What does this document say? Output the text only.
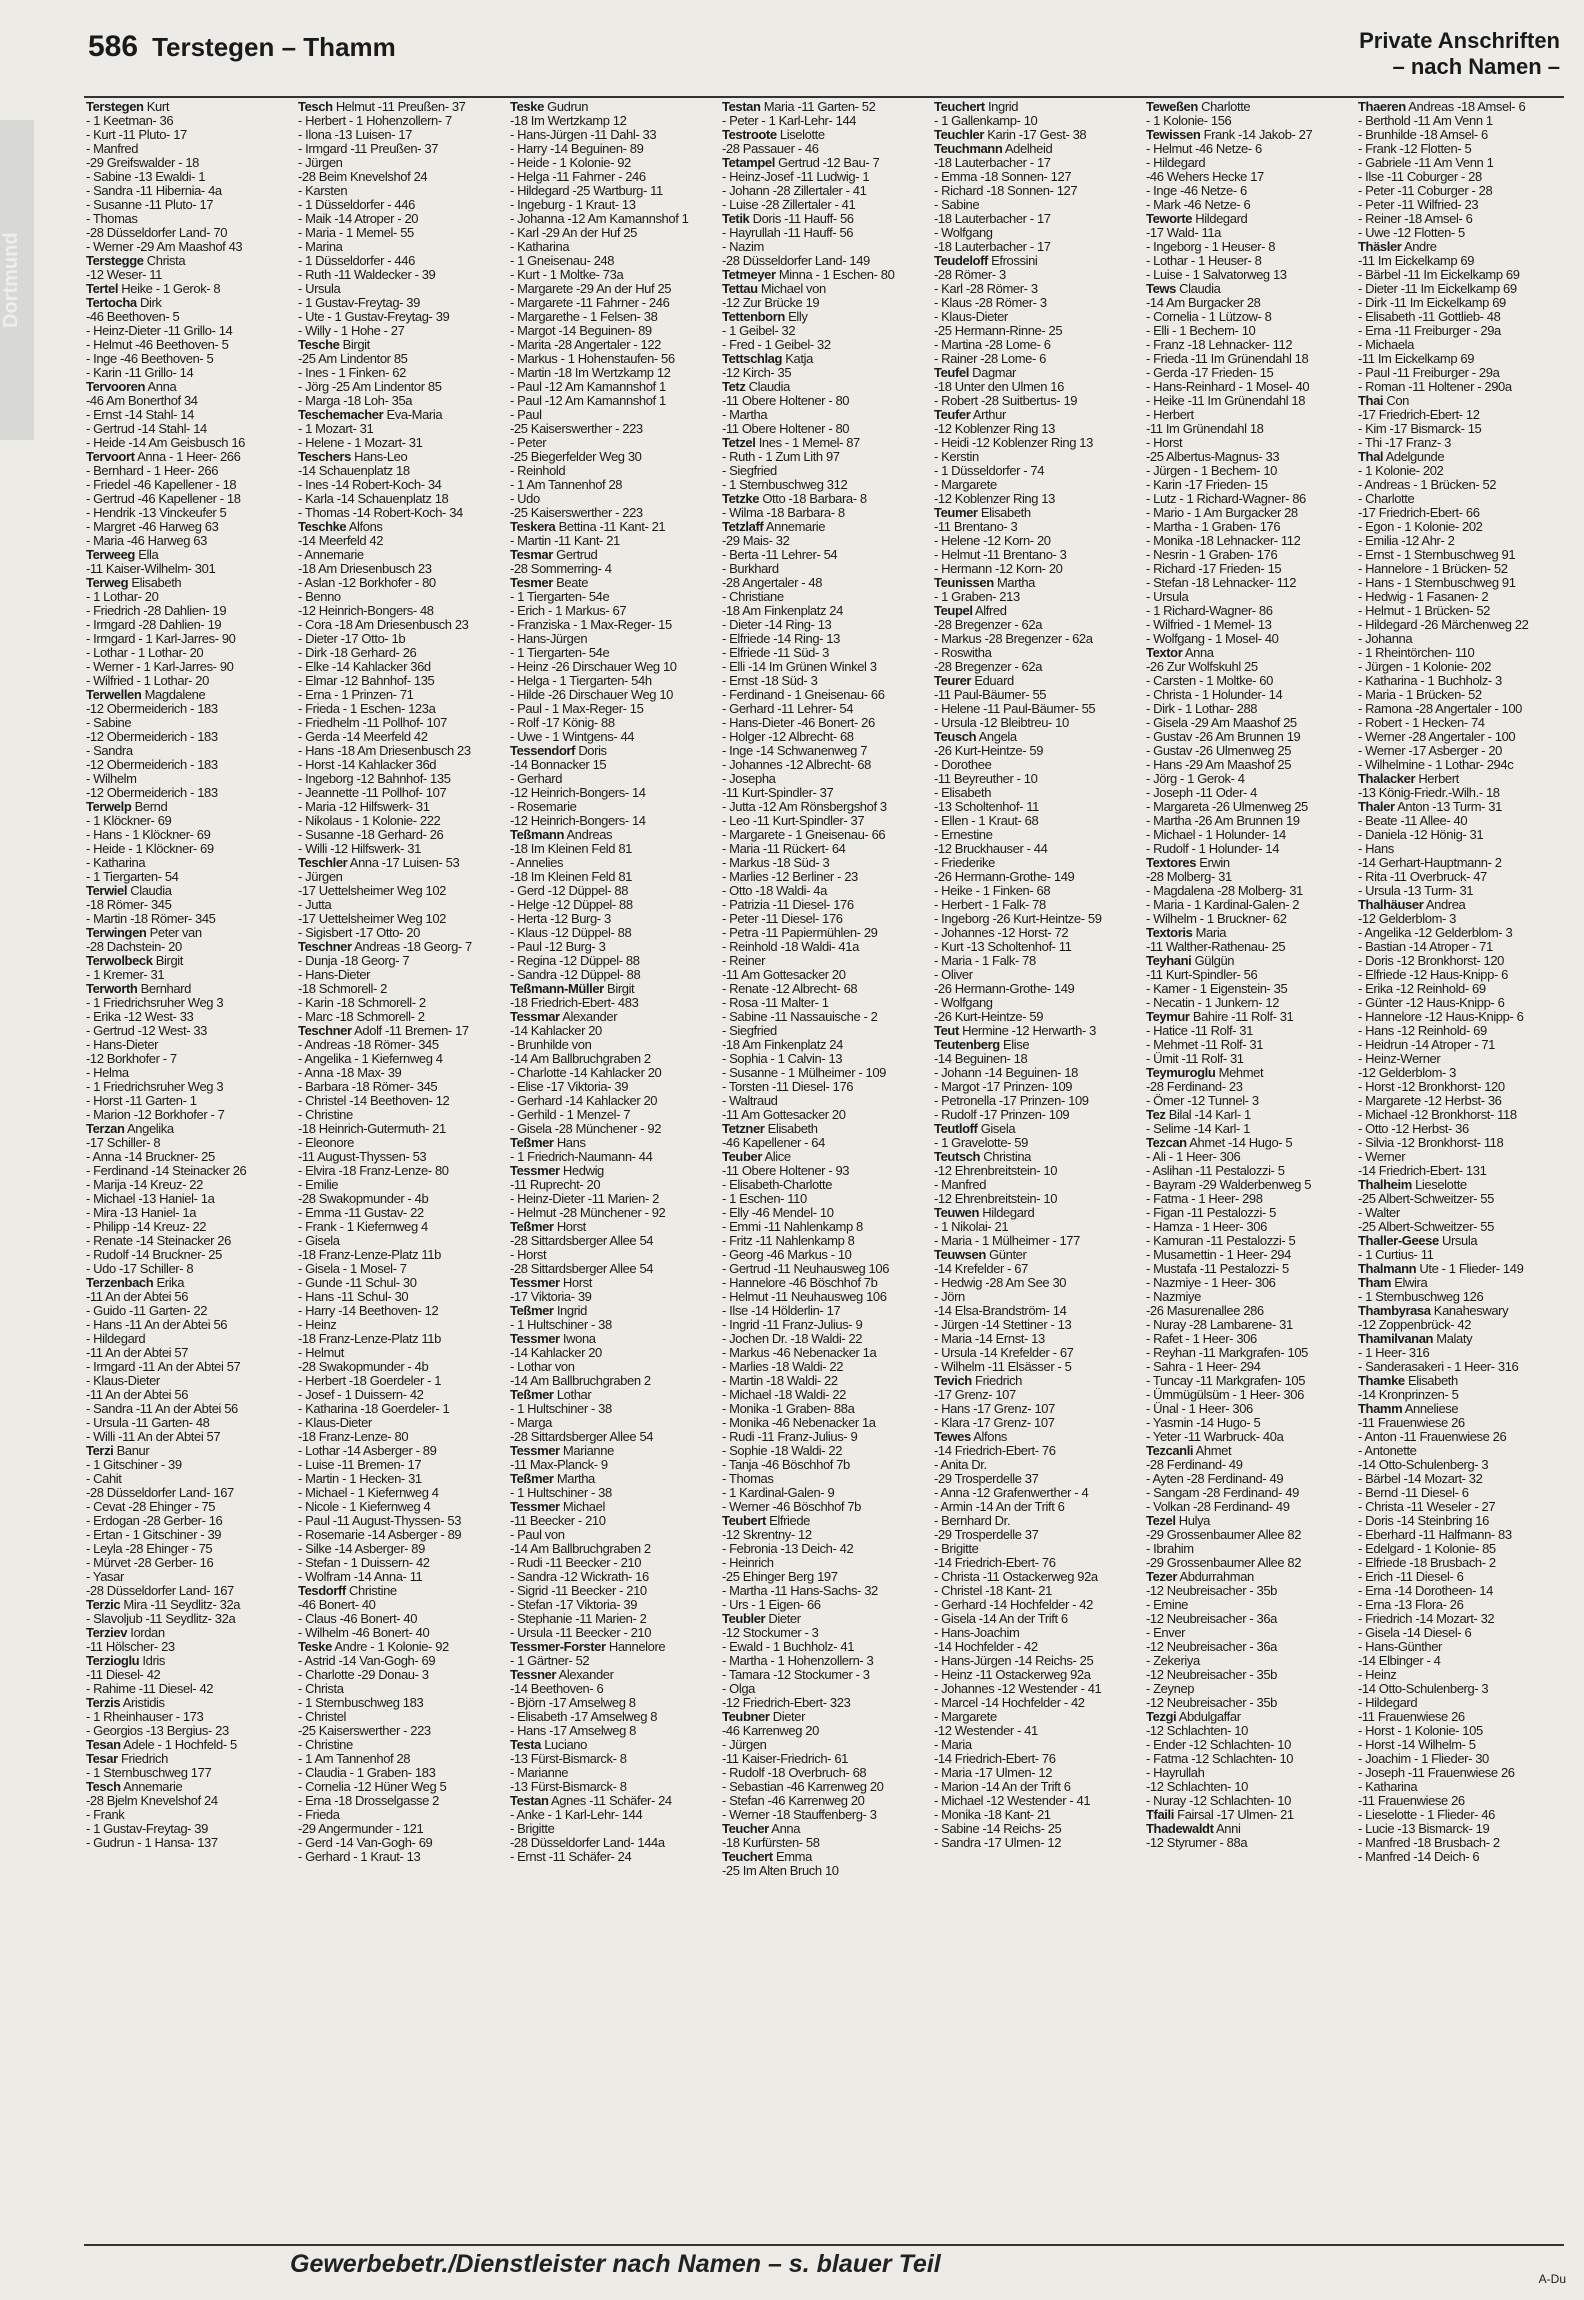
Dortmund
586 Terstegen – Thamm	Private Anschriften
– nach Namen –
Terstegen Kurt
- 1 Keetman- 36
- Kurt -11 Pluto- 17
- Manfred
-29 Greifswalder - 18
- Sabine -13 Ewaldi- 1
- Sandra -11 Hibernia- 4a
- Susanne -11 Pluto- 17
- Thomas
-28 Düsseldorfer Land- 70
- Werner -29 Am Maashof 43
Terstegge Christa
-12 Weser- 11
Tertel Heike - 1 Gerok- 8
Tertocha Dirk
-46 Beethoven- 5
- Heinz-Dieter -11 Grillo- 14
- Helmut -46 Beethoven- 5
- Inge -46 Beethoven- 5
- Karin -11 Grillo- 14
Tervooren Anna
-46 Am Bonerthof 34
- Ernst -14 Stahl- 14
- Gertrud -14 Stahl- 14
- Heide -14 Am Geisbusch 16
Tervoort Anna - 1 Heer- 266
- Bernhard - 1 Heer- 266
- Friedel -46 Kapellener - 18
- Gertrud -46 Kapellener - 18
- Hendrik -13 Vinckeufer 5
- Margret -46 Harweg 63
- Maria -46 Harweg 63
Terweeg Ella
-11 Kaiser-Wilhelm- 301
Terweg Elisabeth
- 1 Lothar- 20
- Friedrich -28 Dahlien- 19
- Irmgard -28 Dahlien- 19
- Irmgard - 1 Karl-Jarres- 90
- Lothar - 1 Lothar- 20
- Werner - 1 Karl-Jarres- 90
- Wilfried - 1 Lothar- 20
Terwellen Magdalene
-12 Obermeiderich - 183
- Sabine
-12 Obermeiderich - 183
- Sandra
-12 Obermeiderich - 183
- Wilhelm
-12 Obermeiderich - 183
Terwelp Bernd
- 1 Klöckner- 69
- Hans - 1 Klöckner- 69
- Heide - 1 Klöckner- 69
- Katharina
- 1 Tiergarten- 54
Terwiel Claudia
-18 Römer- 345
- Martin -18 Römer- 345
Terwingen Peter van
-28 Dachstein- 20
Terwolbeck Birgit
- 1 Kremer- 31
Terworth Bernhard
- 1 Friedrichsruher Weg 3
- Erika -12 West- 33
- Gertrud -12 West- 33
- Hans-Dieter
-12 Borkhofer - 7
- Helma
- 1 Friedrichsruher Weg 3
- Horst -11 Garten- 1
- Marion -12 Borkhofer - 7
Terzan Angelika
-17 Schiller- 8
- Anna -14 Bruckner- 25
- Ferdinand -14 Steinacker 26
- Marija -14 Kreuz- 22
- Michael -13 Haniel- 1a
- Mira -13 Haniel- 1a
- Philipp -14 Kreuz- 22
- Renate -14 Steinacker 26
- Rudolf -14 Bruckner- 25
- Udo -17 Schiller- 8
Terzenbach Erika
-11 An der Abtei 56
- Guido -11 Garten- 22
- Hans -11 An der Abtei 56
- Hildegard
-11 An der Abtei 57
- Irmgard -11 An der Abtei 57
- Klaus-Dieter
-11 An der Abtei 56
- Sandra -11 An der Abtei 56
- Ursula -11 Garten- 48
- Willi -11 An der Abtei 57
Terzi Banur
- 1 Gitschiner - 39
- Cahit
-28 Düsseldorfer Land- 167
- Cevat -28 Ehinger - 75
- Erdogan -28 Gerber- 16
- Ertan - 1 Gitschiner - 39
- Leyla -28 Ehinger - 75
- Mürvet -28 Gerber- 16
- Yasar
-28 Düsseldorfer Land- 167
Terzic Mira -11 Seydlitz- 32a
- Slavoljub -11 Seydlitz- 32a
Terziev Iordan
-11 Hölscher- 23
Terzioglu Idris
-11 Diesel- 42
- Rahime -11 Diesel- 42
Terzis Aristidis
- 1 Rheinhauser - 173
- Georgios -13 Bergius- 23
Tesan Adele - 1 Hochfeld- 5
Tesar Friedrich
- 1 Sternbuschweg 177
Tesch Annemarie
-28 Bjelm Knevelshof 24
- Frank
- 1 Gustav-Freytag- 39
- Gudrun - 1 Hansa- 137
Tesch Helmut -11 Preußen- 37
- Herbert - 1 Hohenzollern- 7
- Ilona -13 Luisen- 17
- Irmgard -11 Preußen- 37
- Jürgen
-28 Beim Knevelshof 24
- Karsten
- 1 Düsseldorfer - 446
- Maik -14 Atroper - 20
- Maria - 1 Memel- 55
- Marina
- 1 Düsseldorfer - 446
- Ruth -11 Waldecker - 39
- Ursula
- 1 Gustav-Freytag- 39
- Ute - 1 Gustav-Freytag- 39
- Willy - 1 Hohe - 27
Tesche Birgit
-25 Am Lindentor 85
- Ines - 1 Finken- 62
- Jörg -25 Am Lindentor 85
- Marga -18 Loh- 35a
Teschemacher Eva-Maria
- 1 Mozart- 31
- Helene - 1 Mozart- 31
Teschers Hans-Leo
-14 Schauenplatz 18
- Ines -14 Robert-Koch- 34
- Karla -14 Schauenplatz 18
- Thomas -14 Robert-Koch- 34
Teschke Alfons
-14 Meerfeld 42
- Annemarie
-18 Am Driesenbusch 23
- Aslan -12 Borkhofer - 80
- Benno
-12 Heinrich-Bongers- 48
- Cora -18 Am Driesenbusch 23
- Dieter -17 Otto- 1b
- Dirk -18 Gerhard- 26
- Elke -14 Kahlacker 36d
- Elmar -12 Bahnhof- 135
- Erna - 1 Prinzen- 71
- Frieda - 1 Eschen- 123a
- Friedhelm -11 Pollhof- 107
- Gerda -14 Meerfeld 42
- Hans -18 Am Driesenbusch 23
- Horst -14 Kahlacker 36d
- Ingeborg -12 Bahnhof- 135
- Jeannette -11 Pollhof- 107
- Maria -12 Hilfswerk- 31
- Nikolaus - 1 Kolonie- 222
- Susanne -18 Gerhard- 26
- Willi -12 Hilfswerk- 31
Teschler Anna -17 Luisen- 53
- Jürgen
-17 Uettelsheimer Weg 102
- Jutta
-17 Uettelsheimer Weg 102
- Sigisbert -17 Otto- 20
Teschner Andreas -18 Georg- 7
- Dunja -18 Georg- 7
- Hans-Dieter
-18 Schmorell- 2
- Karin -18 Schmorell- 2
- Marc -18 Schmorell- 2
Teschner Adolf -11 Bremen- 17
- Andreas -18 Römer- 345
- Angelika - 1 Kiefernweg 4
- Anna -18 Max- 39
- Barbara -18 Römer- 345
- Christel -14 Beethoven- 12
- Christine
-18 Heinrich-Gutermuth- 21
- Eleonore
-11 August-Thyssen- 53
- Elvira -18 Franz-Lenze- 80
- Emilie
-28 Swakopmunder - 4b
- Emma -11 Gustav- 22
- Frank - 1 Kiefernweg 4
- Gisela
-18 Franz-Lenze-Platz 11b
- Gisela - 1 Mosel- 7
- Gunde -11 Schul- 30
- Hans -11 Schul- 30
- Harry -14 Beethoven- 12
- Heinz
-18 Franz-Lenze-Platz 11b
- Helmut
-28 Swakopmunder - 4b
- Herbert -18 Goerdeler - 1
- Josef - 1 Duissern- 42
- Katharina -18 Goerdeler- 1
- Klaus-Dieter
-18 Franz-Lenze- 80
- Lothar -14 Asberger - 89
- Luise -11 Bremen- 17
- Martin - 1 Hecken- 31
- Michael - 1 Kiefernweg 4
- Nicole - 1 Kiefernweg 4
- Paul -11 August-Thyssen- 53
- Rosemarie -14 Asberger - 89
- Silke -14 Asberger- 89
- Stefan - 1 Duissern- 42
- Wolfram -14 Anna- 11
Tesdorff Christine
-46 Bonert- 40
- Claus -46 Bonert- 40
- Wilhelm -46 Bonert- 40
Teske Andre - 1 Kolonie- 92
- Astrid -14 Van-Gogh- 69
- Charlotte -29 Donau- 3
- Christa
- 1 Sternbuschweg 183
- Christel
-25 Kaiserswerther - 223
- Christine
- 1 Am Tannenhof 28
- Claudia - 1 Graben- 183
- Cornelia -12 Hüner Weg 5
- Erna -18 Drosselgasse 2
- Frieda
-29 Angermunder - 121
- Gerd -14 Van-Gogh- 69
- Gerhard - 1 Kraut- 13
Teske Gudrun
-18 Im Wertzkamp 12
- Hans-Jürgen -11 Dahl- 33
- Harry -14 Beguinen- 89
- Heide - 1 Kolonie- 92
- Helga -11 Fahrner - 246
- Hildegard -25 Wartburg- 11
- Ingeburg - 1 Kraut- 13
- Johanna -12 Am Kamannshof 1
- Karl -29 An der Huf 25
- Katharina
- 1 Gneisenau- 248
- Kurt - 1 Moltke- 73a
- Margarete -29 An der Huf 25
- Margarete -11 Fahrner - 246
- Margarethe - 1 Felsen- 38
- Margot -14 Beguinen- 89
- Marita -28 Angertaler - 122
- Markus - 1 Hohenstaufen- 56
- Martin -18 Im Wertzkamp 12
- Paul -12 Am Kamannshof 1
- Paul -12 Am Kamannshof 1
- Paul
-25 Kaiserswerther - 223
- Peter
-25 Biegerfelder Weg 30
- Reinhold
- 1 Am Tannenhof 28
- Udo
-25 Kaiserswerther - 223
Teskera Bettina -11 Kant- 21
- Martin -11 Kant- 21
Tesmar Gertrud
-28 Sommerring- 4
Tesmer Beate
- 1 Tiergarten- 54e
- Erich - 1 Markus- 67
- Franziska - 1 Max-Reger- 15
- Hans-Jürgen
- 1 Tiergarten- 54e
- Heinz -26 Dirschauer Weg 10
- Helga - 1 Tiergarten- 54h
- Hilde -26 Dirschauer Weg 10
- Paul - 1 Max-Reger- 15
- Rolf -17 König- 88
- Uwe - 1 Wintgens- 44
Tessendorf Doris
-14 Bonnacker 15
- Gerhard
-12 Heinrich-Bongers- 14
- Rosemarie
-12 Heinrich-Bongers- 14
Teßmann Andreas
-18 Im Kleinen Feld 81
- Annelies
-18 Im Kleinen Feld 81
- Gerd -12 Düppel- 88
- Helge -12 Düppel- 88
- Herta -12 Burg- 3
- Klaus -12 Düppel- 88
- Paul -12 Burg- 3
- Regina -12 Düppel- 88
- Sandra -12 Düppel- 88
Teßmann-Müller Birgit
-18 Friedrich-Ebert- 483
Tessmar Alexander
-14 Kahlacker 20
- Brunhilde von
-14 Am Ballbruchgraben 2
- Charlotte -14 Kahlacker 20
- Elise -17 Viktoria- 39
- Gerhard -14 Kahlacker 20
- Gerhild - 1 Menzel- 7
- Gisela -28 Münchener - 92
Teßmer Hans
- 1 Friedrich-Naumann- 44
Tessmer Hedwig
-11 Ruprecht- 20
- Heinz-Dieter -11 Marien- 2
- Helmut -28 Münchener - 92
Teßmer Horst
-28 Sittardsberger Allee 54
- Horst
-28 Sittardsberger Allee 54
Tessmer Horst
-17 Viktoria- 39
Teßmer Ingrid
- 1 Hultschiner - 38
Tessmer Iwona
-14 Kahlacker 20
- Lothar von
-14 Am Ballbruchgraben 2
Teßmer Lothar
- 1 Hultschiner - 38
- Marga
-28 Sittardsberger Allee 54
Tessmer Marianne
-11 Max-Planck- 9
Teßmer Martha
- 1 Hultschiner - 38
Tessmer Michael
-11 Beecker - 210
- Paul von
-14 Am Ballbruchgraben 2
- Rudi -11 Beecker - 210
- Sandra -12 Wickrath- 16
- Sigrid -11 Beecker - 210
- Stefan -17 Viktoria- 39
- Stephanie -11 Marien- 2
- Ursula -11 Beecker - 210
Tessmer-Forster Hannelore
- 1 Gärtner- 52
Tessner Alexander
-14 Beethoven- 6
- Björn -17 Amselweg 8
- Elisabeth -17 Amselweg 8
- Hans -17 Amselweg 8
Testa Luciano
-13 Fürst-Bismarck- 8
- Marianne
-13 Fürst-Bismarck- 8
Testan Agnes -11 Schäfer- 24
- Anke - 1 Karl-Lehr- 144
- Brigitte
-28 Düsseldorfer Land- 144a
- Ernst -11 Schäfer- 24
Testan Maria -11 Garten- 52
- Peter - 1 Karl-Lehr- 144
Testroote Liselotte
-28 Passauer - 46
Tetampel Gertrud -12 Bau- 7
- Heinz-Josef -11 Ludwig- 1
- Johann -28 Zillertaler - 41
- Luise -28 Zillertaler - 41
Tetik Doris -11 Hauff- 56
- Hayrullah -11 Hauff- 56
- Nazim
-28 Düsseldorfer Land- 149
Tetmeyer Minna - 1 Eschen- 80
Tettau Michael von
-12 Zur Brücke 19
Tettenborn Elly
- 1 Geibel- 32
- Fred - 1 Geibel- 32
Tettschlag Katja
-12 Kirch- 35
Tetz Claudia
-11 Obere Holtener - 80
- Martha
-11 Obere Holtener - 80
Tetzel Ines - 1 Memel- 87
- Ruth - 1 Zum Lith 97
- Siegfried
- 1 Sternbuschweg 312
Tetzke Otto -18 Barbara- 8
- Wilma -18 Barbara- 8
Tetzlaff Annemarie
-29 Mais- 32
- Berta -11 Lehrer- 54
- Burkhard
-28 Angertaler - 48
- Christiane
-18 Am Finkenplatz 24
- Dieter -14 Ring- 13
- Elfriede -14 Ring- 13
- Elfriede -11 Süd- 3
- Elli -14 Im Grünen Winkel 3
- Ernst -18 Süd- 3
- Ferdinand - 1 Gneisenau- 66
- Gerhard -11 Lehrer- 54
- Hans-Dieter -46 Bonert- 26
- Holger -12 Albrecht- 68
- Inge -14 Schwanenweg 7
- Johannes -12 Albrecht- 68
- Josepha
-11 Kurt-Spindler- 37
- Jutta -12 Am Rönsbergshof 3
- Leo -11 Kurt-Spindler- 37
- Margarete - 1 Gneisenau- 66
- Maria -11 Rückert- 64
- Markus -18 Süd- 3
- Marlies -12 Berliner - 23
- Otto -18 Waldi- 4a
- Patrizia -11 Diesel- 176
- Peter -11 Diesel- 176
- Petra -11 Papiermühlen- 29
- Reinhold -18 Waldi- 41a
- Reiner
-11 Am Gottesacker 20
- Renate -12 Albrecht- 68
- Rosa -11 Malter- 1
- Sabine -11 Nassauische - 2
- Siegfried
-18 Am Finkenplatz 24
- Sophia - 1 Calvin- 13
- Susanne - 1 Mülheimer - 109
- Torsten -11 Diesel- 176
- Waltraud
-11 Am Gottesacker 20
Tetzner Elisabeth
-46 Kapellener - 64
Teuber Alice
-11 Obere Holtener - 93
- Elisabeth-Charlotte
- 1 Eschen- 110
- Elly -46 Mendel- 10
- Emmi -11 Nahlenkamp 8
- Fritz -11 Nahlenkamp 8
- Georg -46 Markus - 10
- Gertrud -11 Neuhausweg 106
- Hannelore -46 Böschhof 7b
- Helmut -11 Neuhausweg 106
- Ilse -14 Hölderlin- 17
- Ingrid -11 Franz-Julius- 9
- Jochen Dr. -18 Waldi- 22
- Markus -46 Nebenacker 1a
- Marlies -18 Waldi- 22
- Martin -18 Waldi- 22
- Michael -18 Waldi- 22
- Monika -1 Graben- 88a
- Monika -46 Nebenacker 1a
- Rudi -11 Franz-Julius- 9
- Sophie -18 Waldi- 22
- Tanja -46 Böschhof 7b
- Thomas
- 1 Kardinal-Galen- 9
- Werner -46 Böschhof 7b
Teubert Elfriede
-12 Skrentny- 12
- Febronia -13 Deich- 42
- Heinrich
-25 Ehinger Berg 197
- Martha -11 Hans-Sachs- 32
- Urs - 1 Eigen- 66
Teubler Dieter
-12 Stockumer - 3
- Ewald - 1 Buchholz- 41
- Martha - 1 Hohenzollern- 3
- Tamara -12 Stockumer - 3
- Olga
-12 Friedrich-Ebert- 323
Teubner Dieter
-46 Karrenweg 20
- Jürgen
-11 Kaiser-Friedrich- 61
- Rudolf -18 Overbruch- 68
- Sebastian -46 Karrenweg 20
- Stefan -46 Karrenweg 20
- Werner -18 Stauffenberg- 3
Teucher Anna
-18 Kurfürsten- 58
Teuchert Emma
-25 Im Alten Bruch 10
Teuchert Ingrid
- 1 Gallenkamp- 10
Teuchler Karin -17 Gest- 38
Teuchmann Adelheid
-18 Lauterbacher - 17
- Emma -18 Sonnen- 127
- Richard -18 Sonnen- 127
- Sabine
-18 Lauterbacher - 17
- Wolfgang
-18 Lauterbacher - 17
Teudeloff Efrossini
-28 Römer- 3
- Karl -28 Römer- 3
- Klaus -28 Römer- 3
- Klaus-Dieter
-25 Hermann-Rinne- 25
- Martina -28 Lome- 6
- Rainer -28 Lome- 6
Teufel Dagmar
-18 Unter den Ulmen 16
- Robert -28 Suitbertus- 19
Teufer Arthur
-12 Koblenzer Ring 13
- Heidi -12 Koblenzer Ring 13
- Kerstin
- 1 Düsseldorfer - 74
- Margarete
-12 Koblenzer Ring 13
Teumer Elisabeth
-11 Brentano- 3
- Helene -12 Korn- 20
- Helmut -11 Brentano- 3
- Hermann -12 Korn- 20
Teunissen Martha
- 1 Graben- 213
Teupel Alfred
-28 Bregenzer - 62a
- Markus -28 Bregenzer - 62a
- Roswitha
-28 Bregenzer - 62a
Teurer Eduard
-11 Paul-Bäumer- 55
- Helene -11 Paul-Bäumer- 55
- Ursula -12 Bleibtreu- 10
Teusch Angela
-26 Kurt-Heintze- 59
- Dorothee
-11 Beyreuther - 10
- Elisabeth
-13 Scholtenhof- 11
- Ellen - 1 Kraut- 68
- Ernestine
-12 Bruckhauser - 44
- Friederike
-26 Hermann-Grothe- 149
- Heike - 1 Finken- 68
- Herbert - 1 Falk- 78
- Ingeborg -26 Kurt-Heintze- 59
- Johannes -12 Horst- 72
- Kurt -13 Scholtenhof- 11
- Maria - 1 Falk- 78
- Oliver
-26 Hermann-Grothe- 149
- Wolfgang
-26 Kurt-Heintze- 59
Teut Hermine -12 Herwarth- 3
Teutenberg Elise
-14 Beguinen- 18
- Johann -14 Beguinen- 18
- Margot -17 Prinzen- 109
- Petronella -17 Prinzen- 109
- Rudolf -17 Prinzen- 109
Teutloff Gisela
- 1 Gravelotte- 59
Teutsch Christina
-12 Ehrenbreitstein- 10
- Manfred
-12 Ehrenbreitstein- 10
Teuwen Hildegard
- 1 Nikolai- 21
- Maria - 1 Mülheimer - 177
Teuwsen Günter
-14 Krefelder - 67
- Hedwig -28 Am See 30
- Jörn
-14 Elsa-Brandström- 14
- Jürgen -14 Stettiner - 13
- Maria -14 Ernst- 13
- Ursula -14 Krefelder - 67
- Wilhelm -11 Elsässer - 5
Tevich Friedrich
-17 Grenz- 107
- Hans -17 Grenz- 107
- Klara -17 Grenz- 107
Tewes Alfons
-14 Friedrich-Ebert- 76
- Anita Dr.
-29 Trosperdelle 37
- Anna -12 Grafenwerther - 4
- Armin -14 An der Trift 6
- Bernhard Dr.
-29 Trosperdelle 37
- Brigitte
-14 Friedrich-Ebert- 76
- Christa -11 Ostackerweg 92a
- Christel -18 Kant- 21
- Gerhard -14 Hochfelder - 42
- Gisela -14 An der Trift 6
- Hans-Joachim
-14 Hochfelder - 42
- Hans-Jürgen -14 Reichs- 25
- Heinz -11 Ostackerweg 92a
- Johannes -12 Westender - 41
- Marcel -14 Hochfelder - 42
- Margarete
-12 Westender - 41
- Maria
-14 Friedrich-Ebert- 76
- Maria -17 Ulmen- 12
- Marion -14 An der Trift 6
- Michael -12 Westender - 41
- Monika -18 Kant- 21
- Sabine -14 Reichs- 25
- Sandra -17 Ulmen- 12
Teweßen Charlotte
- 1 Kolonie- 156
Tewissen Frank -14 Jakob- 27
- Helmut -46 Netze- 6
- Hildegard
-46 Wehers Hecke 17
- Inge -46 Netze- 6
- Mark -46 Netze- 6
Teworte Hildegard
-17 Wald- 11a
- Ingeborg - 1 Heuser- 8
- Lothar - 1 Heuser- 8
- Luise - 1 Salvatorweg 13
Tews Claudia
-14 Am Burgacker 28
- Cornelia - 1 Lützow- 8
- Elli - 1 Bechem- 10
- Franz -18 Lehnacker- 112
- Frieda -11 Im Grünendahl 18
- Gerda -17 Frieden- 15
- Hans-Reinhard - 1 Mosel- 40
- Heike -11 Im Grünendahl 18
- Herbert
-11 Im Grünendahl 18
- Horst
-25 Albertus-Magnus- 33
- Jürgen - 1 Bechem- 10
- Karin -17 Frieden- 15
- Lutz - 1 Richard-Wagner- 86
- Mario - 1 Am Burgacker 28
- Martha - 1 Graben- 176
- Monika -18 Lehnacker- 112
- Nesrin - 1 Graben- 176
- Richard -17 Frieden- 15
- Stefan -18 Lehnacker- 112
- Ursula
- 1 Richard-Wagner- 86
- Wilfried - 1 Memel- 13
- Wolfgang - 1 Mosel- 40
Textor Anna
-26 Zur Wolfskuhl 25
- Carsten - 1 Moltke- 60
- Christa - 1 Holunder- 14
- Dirk - 1 Lothar- 288
- Gisela -29 Am Maashof 25
- Gustav -26 Am Brunnen 19
- Gustav -26 Ulmenweg 25
- Hans -29 Am Maashof 25
- Jörg - 1 Gerok- 4
- Joseph -11 Oder- 4
- Margareta -26 Ulmenweg 25
- Martha -26 Am Brunnen 19
- Michael - 1 Holunder- 14
- Rudolf - 1 Holunder- 14
Textores Erwin
-28 Molberg- 31
- Magdalena -28 Molberg- 31
- Maria - 1 Kardinal-Galen- 2
- Wilhelm - 1 Bruckner- 62
Textoris Maria
-11 Walther-Rathenau- 25
Teyhani Gülgün
-11 Kurt-Spindler- 56
- Kamer - 1 Eigenstein- 35
- Necatin - 1 Junkern- 12
Teymur Bahire -11 Rolf- 31
- Hatice -11 Rolf- 31
- Mehmet -11 Rolf- 31
- Ümit -11 Rolf- 31
Teymuroglu Mehmet
-28 Ferdinand- 23
- Ömer -12 Tunnel- 3
Tez Bilal -14 Karl- 1
- Selime -14 Karl- 1
Tezcan Ahmet -14 Hugo- 5
- Ali - 1 Heer- 306
- Aslihan -11 Pestalozzi- 5
- Bayram -29 Walderbenweg 5
- Fatma - 1 Heer- 298
- Figan -11 Pestalozzi- 5
- Hamza - 1 Heer- 306
- Kamuran -11 Pestalozzi- 5
- Musamettin - 1 Heer- 294
- Mustafa -11 Pestalozzi- 5
- Nazmiye - 1 Heer- 306
- Nazmiye
-26 Masurenallee 286
- Nuray -28 Lambarene- 31
- Rafet - 1 Heer- 306
- Reyhan -11 Markgrafen- 105
- Sahra - 1 Heer- 294
- Tuncay -11 Markgrafen- 105
- Ümmügülsüm - 1 Heer- 306
- Ünal - 1 Heer- 306
- Yasmin -14 Hugo- 5
- Yeter -11 Warbruck- 40a
Tezcanli Ahmet
-28 Ferdinand- 49
- Ayten -28 Ferdinand- 49
- Sangam -28 Ferdinand- 49
- Volkan -28 Ferdinand- 49
Tezel Hulya
-29 Grossenbaumer Allee 82
- Ibrahim
-29 Grossenbaumer Allee 82
Tezer Abdurrahman
-12 Neubreisacher - 35b
- Emine
-12 Neubreisacher - 36a
- Enver
-12 Neubreisacher - 36a
- Zekeriya
-12 Neubreisacher - 35b
- Zeynep
-12 Neubreisacher - 35b
Tezgi Abdulgaffar
-12 Schlachten- 10
- Ender -12 Schlachten- 10
- Fatma -12 Schlachten- 10
- Hayrullah
-12 Schlachten- 10
- Nuray -12 Schlachten- 10
Tfaili Fairsal -17 Ulmen- 21
Thadewaldt Anni
-12 Styrumer - 88a
Thaeren Andreas -18 Amsel- 6
- Berthold -11 Am Venn 1
- Brunhilde -18 Amsel- 6
- Frank -12 Flotten- 5
- Gabriele -11 Am Venn 1
- Ilse -11 Coburger - 28
- Peter -11 Coburger - 28
- Peter -11 Wilfried- 23
- Reiner -18 Amsel- 6
- Uwe -12 Flotten- 5
Thäsler Andre
-11 Im Eickelkamp 69
- Bärbel -11 Im Eickelkamp 69
- Dieter -11 Im Eickelkamp 69
- Dirk -11 Im Eickelkamp 69
- Elisabeth -11 Gottlieb- 48
- Erna -11 Freiburger - 29a
- Michaela
-11 Im Eickelkamp 69
- Paul -11 Freiburger - 29a
- Roman -11 Holtener - 290a
Thai Con
-17 Friedrich-Ebert- 12
- Kim -17 Bismarck- 15
- Thi -17 Franz- 3
Thal Adelgunde
- 1 Kolonie- 202
- Andreas - 1 Brücken- 52
- Charlotte
-17 Friedrich-Ebert- 66
- Egon - 1 Kolonie- 202
- Emilia -12 Ahr- 2
- Ernst - 1 Sternbuschweg 91
- Hannelore - 1 Brücken- 52
- Hans - 1 Sternbuschweg 91
- Hedwig - 1 Fasanen- 2
- Helmut - 1 Brücken- 52
- Hildegard -26 Märchenweg 22
- Johanna
- 1 Rheintörchen- 110
- Jürgen - 1 Kolonie- 202
- Katharina - 1 Buchholz- 3
- Maria - 1 Brücken- 52
- Ramona -28 Angertaler - 100
- Robert - 1 Hecken- 74
- Werner -28 Angertaler - 100
- Werner -17 Asberger - 20
- Wilhelmine - 1 Lothar- 294c
Thalacker Herbert
-13 König-Friedr.-Wilh.- 18
Thaler Anton -13 Turm- 31
- Beate -11 Allee- 40
- Daniela -12 Hönig- 31
- Hans
-14 Gerhart-Hauptmann- 2
- Rita -11 Overbruck- 47
- Ursula -13 Turm- 31
Thalhäuser Andrea
-12 Gelderblom- 3
- Angelika -12 Gelderblom- 3
- Bastian -14 Atroper - 71
- Doris -12 Bronkhorst- 120
- Elfriede -12 Haus-Knipp- 6
- Erika -12 Reinhold- 69
- Günter -12 Haus-Knipp- 6
- Hannelore -12 Haus-Knipp- 6
- Hans -12 Reinhold- 69
- Heidrun -14 Atroper - 71
- Heinz-Werner
-12 Gelderblom- 3
- Horst -12 Bronkhorst- 120
- Margarete -12 Herbst- 36
- Michael -12 Bronkhorst- 118
- Otto -12 Herbst- 36
- Silvia -12 Bronkhorst- 118
- Werner
-14 Friedrich-Ebert- 131
Thalheim Lieselotte
-25 Albert-Schweitzer- 55
- Walter
-25 Albert-Schweitzer- 55
Thaller-Geese Ursula
- 1 Curtius- 11
Thalmann Ute - 1 Flieder- 149
Tham Elwira
- 1 Sternbuschweg 126
Thambyrasa Kanaheswary
-12 Zoppenbrück- 42
Thamilvanan Malaty
- 1 Heer- 316
- Sanderasakeri - 1 Heer- 316
Thamke Elisabeth
-14 Kronprinzen- 5
Thamm Anneliese
-11 Frauenwiese 26
- Anton -11 Frauenwiese 26
- Antonette
-14 Otto-Schulenberg- 3
- Bärbel -14 Mozart- 32
- Bernd -11 Diesel- 6
- Christa -11 Weseler - 27
- Doris -14 Steinbring 16
- Eberhard -11 Halfmann- 83
- Edelgard - 1 Kolonie- 85
- Elfriede -18 Brusbach- 2
- Erich -11 Diesel- 6
- Erna -14 Dorotheen- 14
- Erna -13 Flora- 26
- Friedrich -14 Mozart- 32
- Gisela -14 Diesel- 6
- Hans-Günther
-14 Elbinger - 4
- Heinz
-14 Otto-Schulenberg- 3
- Hildegard
-11 Frauenwiese 26
- Horst - 1 Kolonie- 105
- Horst -14 Wilhelm- 5
- Joachim - 1 Flieder- 30
- Joseph -11 Frauenwiese 26
- Katharina
-11 Frauenwiese 26
- Lieselotte - 1 Flieder- 46
- Lucie -13 Bismarck- 19
- Manfred -18 Brusbach- 2
- Manfred -14 Deich- 6
Gewerbebetr./Dienstleister nach Namen – s. blauer Teil
A-Du
